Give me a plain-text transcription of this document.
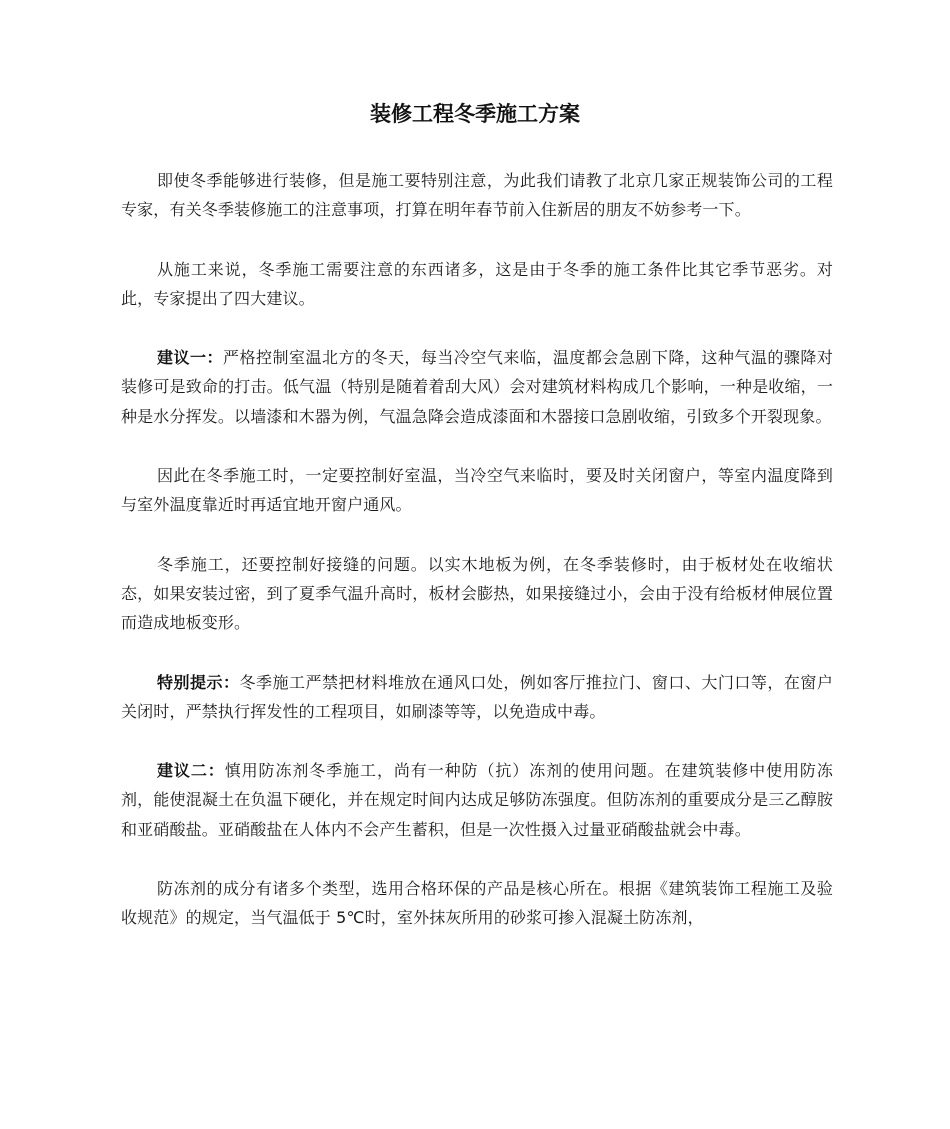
装修工程冬季施工方案

即使冬季能够进行装修，但是施工要特别注意，为此我们请教了北京几家正规装饰公司的工程专家，有关冬季装修施工的注意事项，打算在明年春节前入住新居的朋友不妨参考一下。

从施工来说，冬季施工需要注意的东西诸多，这是由于冬季的施工条件比其它季节恶劣。对此，专家提出了四大建议。

建议一：严格控制室温北方的冬天，每当冷空气来临，温度都会急剧下降，这种气温的骤降对装修可是致命的打击。低气温（特别是随着着刮大风）会对建筑材料构成几个影响，一种是收缩，一种是水分挥发。以墙漆和木器为例，气温急降会造成漆面和木器接口急剧收缩，引致多个开裂现象。

因此在冬季施工时，一定要控制好室温，当冷空气来临时，要及时关闭窗户，等室内温度降到与室外温度靠近时再适宜地开窗户通风。

冬季施工，还要控制好接缝的问题。以实木地板为例，在冬季装修时，由于板材处在收缩状态，如果安装过密，到了夏季气温升高时，板材会膨热，如果接缝过小，会由于没有给板材伸展位置而造成地板变形。

特别提示：冬季施工严禁把材料堆放在通风口处，例如客厅推拉门、窗口、大门口等，在窗户关闭时，严禁执行挥发性的工程项目，如刷漆等等，以免造成中毒。

建议二：慎用防冻剂冬季施工，尚有一种防（抗）冻剂的使用问题。在建筑装修中使用防冻剂，能使混凝土在负温下硬化，并在规定时间内达成足够防冻强度。但防冻剂的重要成分是三乙醇胺和亚硝酸盐。亚硝酸盐在人体内不会产生蓄积，但是一次性摄入过量亚硝酸盐就会中毒。

防冻剂的成分有诸多个类型，选用合格环保的产品是核心所在。根据《建筑装饰工程施工及验收规范》的规定，当气温低于 5℃时，室外抹灰所用的砂浆可掺入混凝土防冻剂，
